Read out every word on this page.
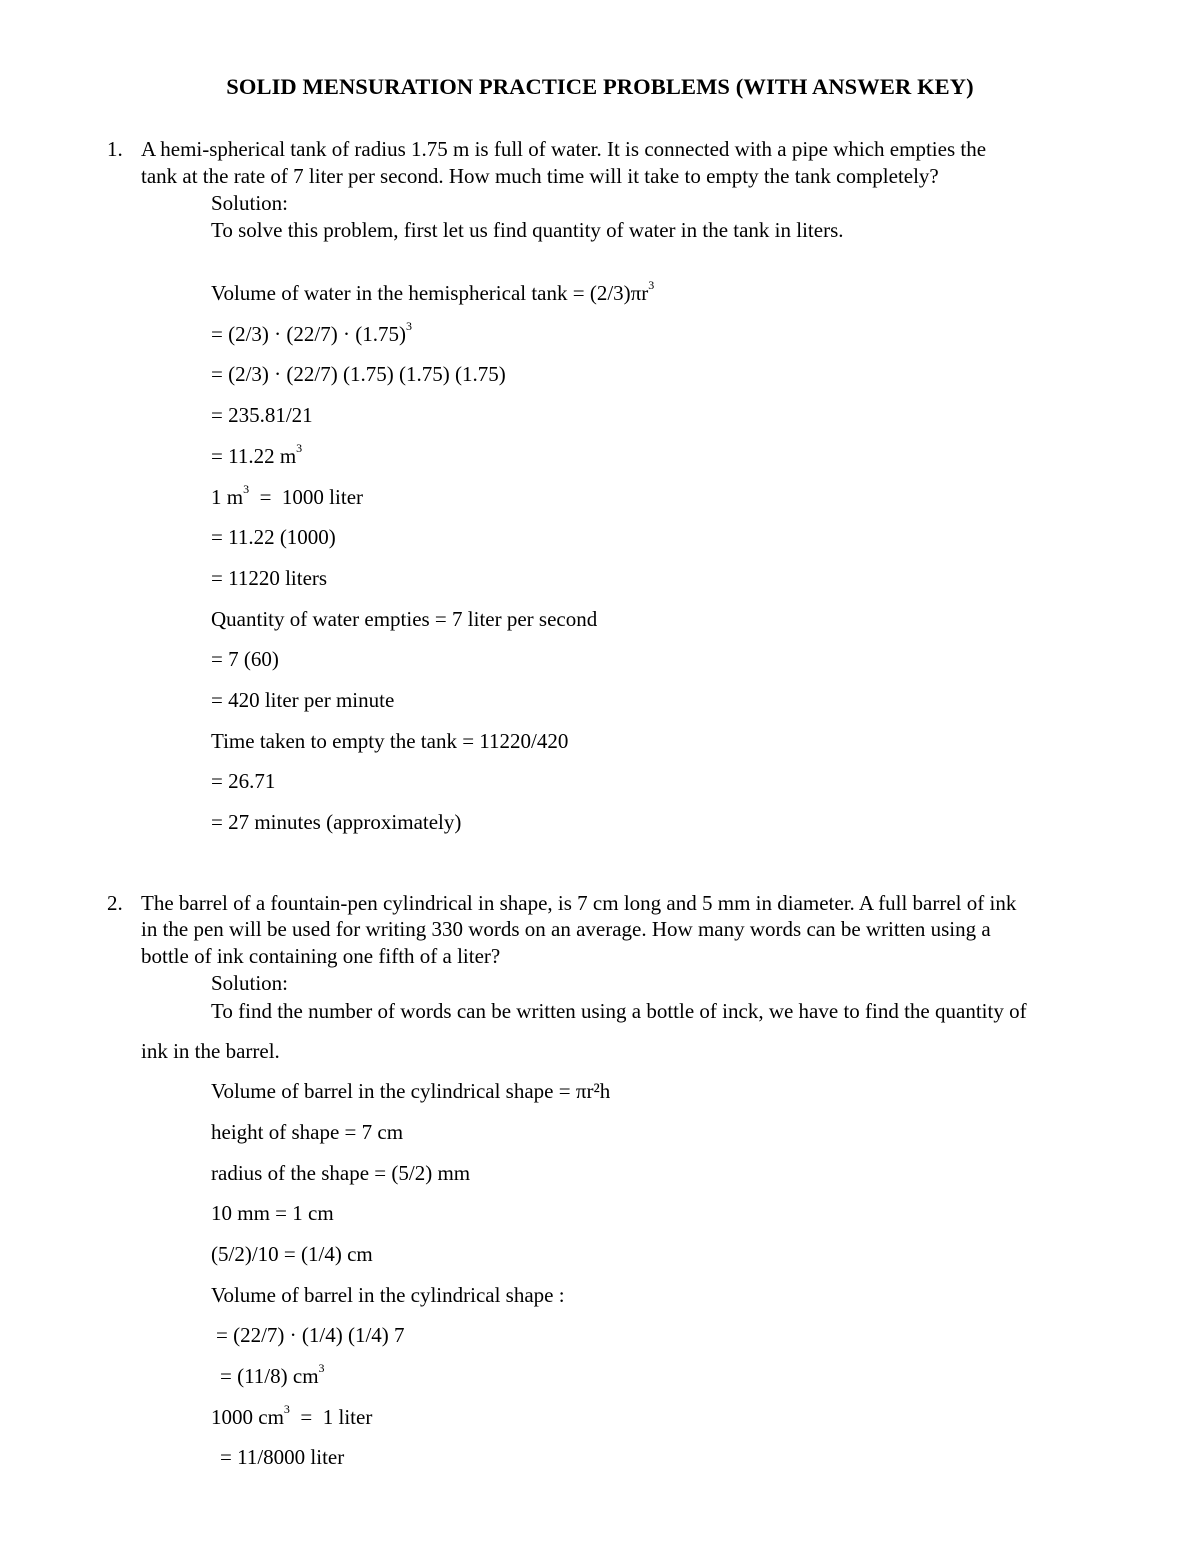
SOLID MENSURATION PRACTICE PROBLEMS (WITH ANSWER KEY)
1. A hemi-spherical tank of radius 1.75 m is full of water. It is connected with a pipe which empties the
tank at the rate of 7 liter per second. How much time will it take to empty the tank completely?
Solution:
To solve this problem, first let us find quantity of water in the tank in liters.
Volume of water in the hemispherical $\tan k = (2/3)\pi r^3$
= $(2/3) \cdot (22/7) \cdot (1.75)^3$
= (2/3) · (22/7) (1.75) (1.75) (1.75)
= 235.81/21
= 11.22 $m^3$
1 $m^3 = 1000$ liter
= 11.22 (1000)
= 11220 liters
Quantity of water empties = 7 liter per second
= 7 (60)
= 420 liter per minute
Time taken to empty the tank = 11220/420
= 26.71
= 27 minutes (approximately)
2. The barrel of a fountain-pen cylindrical in shape, is 7 cm long and 5 mm in diameter. A full barrel of ink
in the pen will be used for writing 330 words on an average. How many words can be written using a
bottle of ink containing one fifth of a liter?
Solution:
To find the number of words can be written using a bottle of inck, we have to find the quantity of
ink in the barrel.
Volume of barrel in the cylindrical shape = πr²h
height of shape = 7 cm
radius of the shape = (5/2) mm
10 mm = 1 cm
(5/2)/10 = (1/4) cm
Volume of barrel in the cylindrical shape :
= (22/7) · (1/4) (1/4) 7
= (11/8) $cm^3$
1000 $cm^3 = 1$ liter
= 11/8000 liter
